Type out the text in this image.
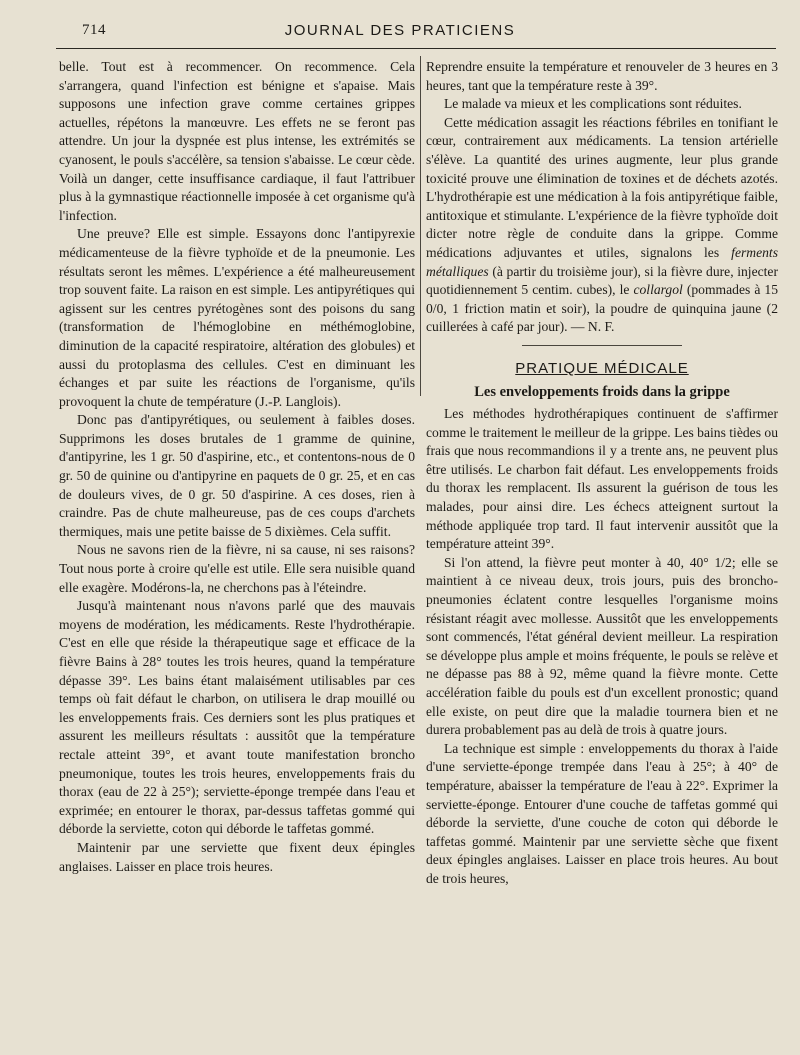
714	JOURNAL DES PRATICIENS

belle. Tout est à recommencer. On recommence. Cela s'arrangera, quand l'infection est bénigne et s'apaise. Mais supposons une infection grave comme certaines grippes actuelles, répétons la manœuvre. Les effets ne se feront pas attendre. Un jour la dyspnée est plus intense, les extrémités se cyanosent, le pouls s'accélère, sa tension s'abaisse. Le cœur cède. Voilà un danger, cette insuffisance cardiaque, il faut l'attribuer plus à la gymnastique réactionnelle imposée à cet organisme qu'à l'infection.

Une preuve? Elle est simple. Essayons donc l'antipyrexie médicamenteuse de la fièvre typhoïde et de la pneumonie. Les résultats seront les mêmes. L'expérience a été malheureusement trop souvent faite. La raison en est simple. Les antipyrétiques qui agissent sur les centres pyrétogènes sont des poisons du sang (transformation de l'hémoglobine en méthémoglobine, diminution de la capacité respiratoire, altération des globules) et aussi du protoplasma des cellules. C'est en diminuant les échanges et par suite les réactions de l'organisme, qu'ils provoquent la chute de température (J.-P. Langlois).

Donc pas d'antipyrétiques, ou seulement à faibles doses. Supprimons les doses brutales de 1 gramme de quinine, d'antipyrine, les 1 gr. 50 d'aspirine, etc., et contentons-nous de 0 gr. 50 de quinine ou d'antipyrine en paquets de 0 gr. 25, et en cas de douleurs vives, de 0 gr. 50 d'aspirine. A ces doses, rien à craindre. Pas de chute malheureuse, pas de ces coups d'archets thermiques, mais une petite baisse de 5 dixièmes. Cela suffit.

Nous ne savons rien de la fièvre, ni sa cause, ni ses raisons? Tout nous porte à croire qu'elle est utile. Elle sera nuisible quand elle exagère. Modérons-la, ne cherchons pas à l'éteindre.

Jusqu'à maintenant nous n'avons parlé que des mauvais moyens de modération, les médicaments. Reste l'hydrothérapie. C'est en elle que réside la thérapeutique sage et efficace de la fièvre Bains à 28° toutes les trois heures, quand la température dépasse 39°. Les bains étant malaisément utilisables par ces temps où fait défaut le charbon, on utilisera le drap mouillé ou les enveloppements frais. Ces derniers sont les plus pratiques et assurent les meilleurs résultats : aussitôt que la température rectale atteint 39°, et avant toute manifestation broncho pneumonique, toutes les trois heures, enveloppements frais du thorax (eau de 22 à 25°); serviette-éponge trempée dans l'eau et exprimée; en entourer le thorax, par-dessus taffetas gommé qui déborde la serviette, coton qui déborde le taffetas gommé.

Maintenir par une serviette que fixent deux épingles anglaises. Laisser en place trois heures.

Reprendre ensuite la température et renouveler de 3 heures en 3 heures, tant que la température reste à 39°.

Le malade va mieux et les complications sont réduites.

Cette médication assagit les réactions fébriles en tonifiant le cœur, contrairement aux médicaments. La tension artérielle s'élève. La quantité des urines augmente, leur plus grande toxicité prouve une élimination de toxines et de déchets azotés. L'hydrothérapie est une médication à la fois antipyrétique faible, antitoxique et stimulante. L'expérience de la fièvre typhoïde doit dicter notre règle de conduite dans la grippe. Comme médications adjuvantes et utiles, signalons les ferments métalliques (à partir du troisième jour), si la fièvre dure, injecter quotidiennement 5 centim. cubes), le collargol (pommades à 15 0/0, 1 friction matin et soir), la poudre de quinquina jaune (2 cuillerées à café par jour). — N. F.

PRATIQUE MÉDICALE
Les enveloppements froids dans la grippe

Les méthodes hydrothérapiques continuent de s'affirmer comme le traitement le meilleur de la grippe. Les bains tièdes ou frais que nous recommandions il y a trente ans, ne peuvent plus être utilisés. Le charbon fait défaut. Les enveloppements froids du thorax les remplacent. Ils assurent la guérison de tous les malades, pour ainsi dire. Les échecs atteignent surtout la méthode appliquée trop tard. Il faut intervenir aussitôt que la température atteint 39°.

Si l'on attend, la fièvre peut monter à 40, 40° 1/2; elle se maintient à ce niveau deux, trois jours, puis des broncho-pneumonies éclatent contre lesquelles l'organisme moins résistant réagit avec mollesse. Aussitôt que les enveloppements sont commencés, l'état général devient meilleur. La respiration se développe plus ample et moins fréquente, le pouls se relève et ne dépasse pas 88 à 92, même quand la fièvre monte. Cette accélération faible du pouls est d'un excellent pronostic; quand elle existe, on peut dire que la maladie tournera bien et ne durera probablement pas au delà de trois à quatre jours.

La technique est simple : enveloppements du thorax à l'aide d'une serviette-éponge trempée dans l'eau à 25°; à 40° de température, abaisser la température de l'eau à 22°. Exprimer la serviette-éponge. Entourer d'une couche de taffetas gommé qui déborde la serviette, d'une couche de coton qui déborde le taffetas gommé. Maintenir par une serviette sèche que fixent deux épingles anglaises. Laisser en place trois heures. Au bout de trois heures,
